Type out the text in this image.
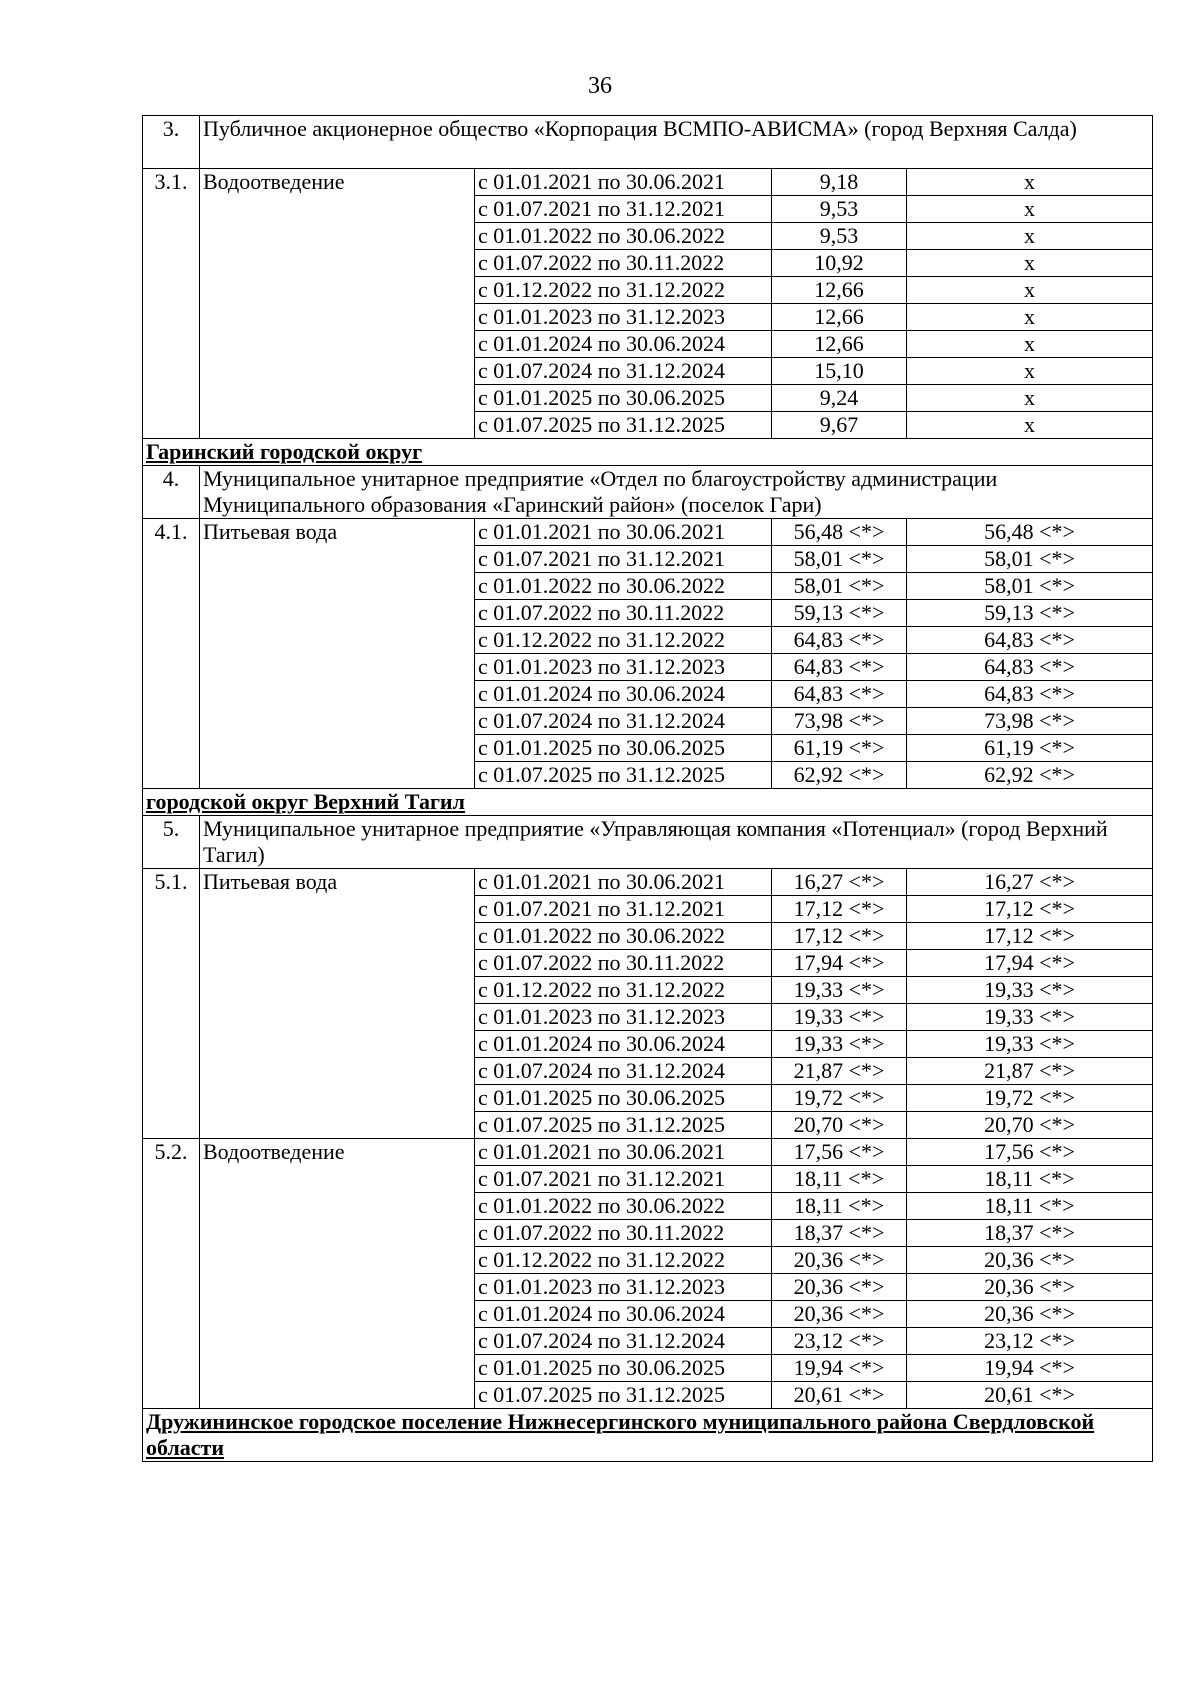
36
3.	Публичное акционерное общество «Корпорация ВСМПО-АВИСМА» (город Верхняя Салда)			
3.1.	Водоотведение	с 01.01.2021 по 30.06.2021	9,18	х
		с 01.07.2021 по 31.12.2021	9,53	х
		с 01.01.2022 по 30.06.2022	9,53	х
		с 01.07.2022 по 30.11.2022	10,92	х
		с 01.12.2022 по 31.12.2022	12,66	х
		с 01.01.2023 по 31.12.2023	12,66	х
		с 01.01.2024 по 30.06.2024	12,66	х
		с 01.07.2024 по 31.12.2024	15,10	х
		с 01.01.2025 по 30.06.2025	9,24	х
		с 01.07.2025 по 31.12.2025	9,67	х
Гаринский городской округ				
4.	Муниципальное унитарное предприятие «Отдел по благоустройству администрации Муниципального образования «Гаринский район» (поселок Гари)			
4.1.	Питьевая вода	с 01.01.2021 по 30.06.2021	56,48 <*>	56,48 <*>
		с 01.07.2021 по 31.12.2021	58,01 <*>	58,01 <*>
		с 01.01.2022 по 30.06.2022	58,01 <*>	58,01 <*>
		с 01.07.2022 по 30.11.2022	59,13 <*>	59,13 <*>
		с 01.12.2022 по 31.12.2022	64,83 <*>	64,83 <*>
		с 01.01.2023 по 31.12.2023	64,83 <*>	64,83 <*>
		с 01.01.2024 по 30.06.2024	64,83 <*>	64,83 <*>
		с 01.07.2024 по 31.12.2024	73,98 <*>	73,98 <*>
		с 01.01.2025 по 30.06.2025	61,19 <*>	61,19 <*>
		с 01.07.2025 по 31.12.2025	62,92 <*>	62,92 <*>
городской округ Верхний Тагил				
5.	Муниципальное унитарное предприятие «Управляющая компания «Потенциал» (город Верхний Тагил)			
5.1.	Питьевая вода	с 01.01.2021 по 30.06.2021	16,27 <*>	16,27 <*>
		с 01.07.2021 по 31.12.2021	17,12 <*>	17,12 <*>
		с 01.01.2022 по 30.06.2022	17,12 <*>	17,12 <*>
		с 01.07.2022 по 30.11.2022	17,94 <*>	17,94 <*>
		с 01.12.2022 по 31.12.2022	19,33 <*>	19,33 <*>
		с 01.01.2023 по 31.12.2023	19,33 <*>	19,33 <*>
		с 01.01.2024 по 30.06.2024	19,33 <*>	19,33 <*>
		с 01.07.2024 по 31.12.2024	21,87 <*>	21,87 <*>
		с 01.01.2025 по 30.06.2025	19,72 <*>	19,72 <*>
		с 01.07.2025 по 31.12.2025	20,70 <*>	20,70 <*>
5.2.	Водоотведение	с 01.01.2021 по 30.06.2021	17,56 <*>	17,56 <*>
		с 01.07.2021 по 31.12.2021	18,11 <*>	18,11 <*>
		с 01.01.2022 по 30.06.2022	18,11 <*>	18,11 <*>
		с 01.07.2022 по 30.11.2022	18,37 <*>	18,37 <*>
		с 01.12.2022 по 31.12.2022	20,36 <*>	20,36 <*>
		с 01.01.2023 по 31.12.2023	20,36 <*>	20,36 <*>
		с 01.01.2024 по 30.06.2024	20,36 <*>	20,36 <*>
		с 01.07.2024 по 31.12.2024	23,12 <*>	23,12 <*>
		с 01.01.2025 по 30.06.2025	19,94 <*>	19,94 <*>
		с 01.07.2025 по 31.12.2025	20,61 <*>	20,61 <*>
Дружининское городское поселение Нижнесергинского муниципального района Свердловской области				
